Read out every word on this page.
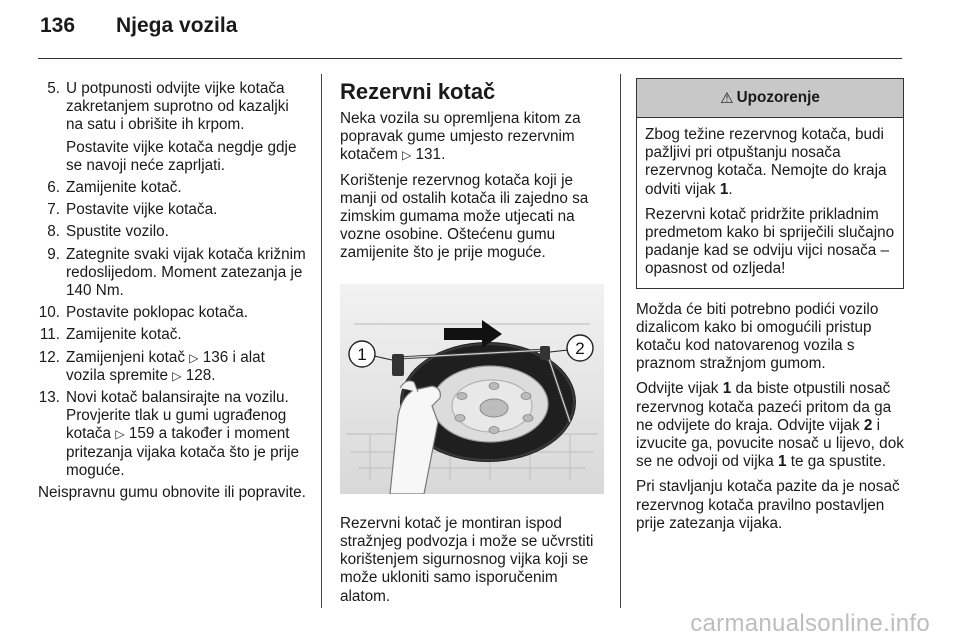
136 Njega vozila
5. U potpunosti odvijte vijke kotača zakretanjem suprotno od kazaljki na satu i obrišite ih krpom.
Postavite vijke kotača negdje gdje se navoji neće zaprljati.
6. Zamijenite kotač.
7. Postavite vijke kotača.
8. Spustite vozilo.
9. Zategnite svaki vijak kotača križnim redoslijedom. Moment zatezanja je 140 Nm.
10. Postavite poklopac kotača.
11. Zamijenite kotač.
12. Zamijenjeni kotač ▷ 136 i alat vozila spremite ▷ 128.
13. Novi kotač balansirajte na vozilu. Provjerite tlak u gumi ugrađenog kotača ▷ 159 a također i moment pritezanja vijaka kotača što je prije moguće.

Neispravnu gumu obnovite ili popravite.

Rezervni kotač

Neka vozila su opremljena kitom za popravak gume umjesto rezervnim kotačem ▷ 131.

Korištenje rezervnog kotača koji je manji od ostalih kotača ili zajedno sa zimskim gumama može utjecati na vozne osobine. Oštećenu gumu zamijenite što je prije moguće.

1	2

Rezervni kotač je montiran ispod stražnjeg podvozja i može se učvrstiti korištenjem sigurnosnog vijka koji se može ukloniti samo isporučenim alatom.

⚠ Upozorenje

Zbog težine rezervnog kotača, budi pažljivi pri otpuštanju nosača rezervnog kotača. Nemojte do kraja odviti vijak 1.

Rezervni kotač pridržite prikladnim predmetom kako bi spriječili slučajno padanje kad se odviju vijci nosača – opasnost od ozljeda!

Možda će biti potrebno podići vozilo dizalicom kako bi omogućili pristup kotaču kod natovarenog vozila s praznom stražnjom gumom.

Odvijte vijak 1 da biste otpustili nosač rezervnog kotača pazeći pritom da ga ne odvijete do kraja. Odvijte vijak 2 i izvucite ga, povucite nosač u lijevo, dok se ne odvoji od vijka 1 te ga spustite.

Pri stavljanju kotača pazite da je nosač rezervnog kotača pravilno postavljen prije zatezanja vijaka.

carmanualsonline.info
